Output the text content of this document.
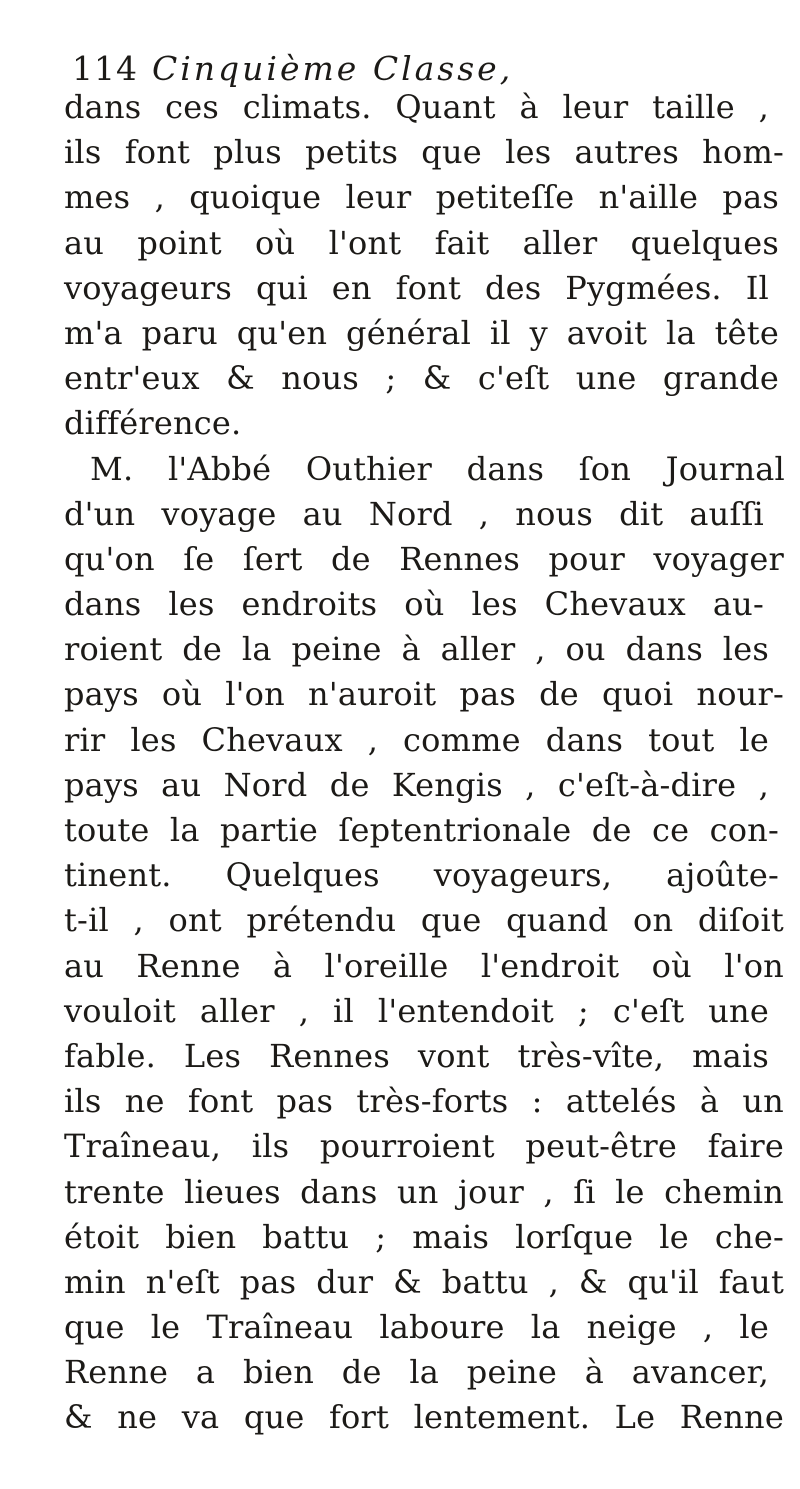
114 Cinquième Classe,
dans ces climats. Quant à leur taille ,
ils font plus petits que les autres hom-
mes , quoique leur petiteſſe n'aille pas
au point où l'ont fait aller quelques
voyageurs qui en font des Pygmées. Il
m'a paru qu'en général il y avoit la tête
entr'eux & nous ; & c'eſt une grande
différence.
M. l'Abbé Outhier dans ſon Journal
d'un voyage au Nord , nous dit auſſi
qu'on ſe ſert de Rennes pour voyager
dans les endroits où les Chevaux au-
roient de la peine à aller , ou dans les
pays où l'on n'auroit pas de quoi nour-
rir les Chevaux , comme dans tout le
pays au Nord de Kengis , c'eſt-à-dire ,
toute la partie ſeptentrionale de ce con-
tinent. Quelques voyageurs, ajoûte-
t-il , ont prétendu que quand on diſoit
au Renne à l'oreille l'endroit où l'on
vouloit aller , il l'entendoit ; c'eſt une
fable. Les Rennes vont très-vîte, mais
ils ne font pas très-forts : attelés à un
Traîneau, ils pourroient peut-être faire
trente lieues dans un jour , ſi le chemin
étoit bien battu ; mais lorſque le che-
min n'eſt pas dur & battu , & qu'il faut
que le Traîneau laboure la neige , le
Renne a bien de la peine à avancer,
& ne va que fort lentement. Le Renne
